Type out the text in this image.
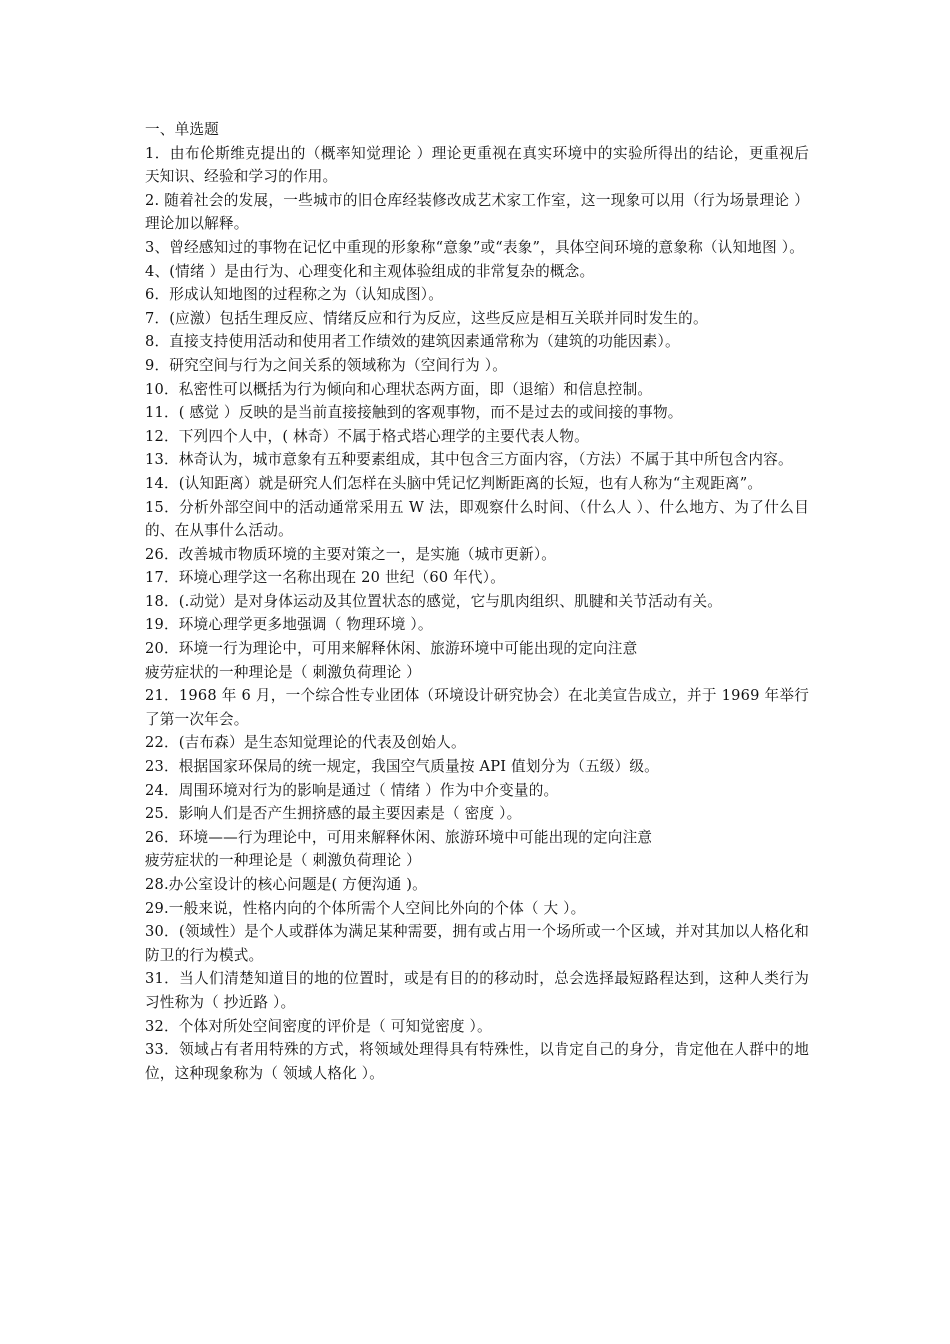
一、单选题
1．由布伦斯维克提出的（概率知觉理论 ）理论更重视在真实环境中的实验所得出的结论，更重视后天知识、经验和学习的作用。
2. 随着社会的发展，一些城市的旧仓库经装修改成艺术家工作室，这一现象可以用（行为场景理论 ）理论加以解释。
3、曾经感知过的事物在记忆中重现的形象称“意象”或“表象”，具体空间环境的意象称（认知地图 ）。
4、(情绪 ）是由行为、心理变化和主观体验组成的非常复杂的概念。
6．形成认知地图的过程称之为（认知成图）。
7．(应激）包括生理反应、情绪反应和行为反应，这些反应是相互关联并同时发生的。
8．直接支持使用活动和使用者工作绩效的建筑因素通常称为（建筑的功能因素）。
9．研究空间与行为之间关系的领域称为（空间行为 ）。
10．私密性可以概括为行为倾向和心理状态两方面，即（退缩）和信息控制。
11．( 感觉 ）反映的是当前直接接触到的客观事物，而不是过去的或间接的事物。
12．下列四个人中，( 林奇）不属于格式塔心理学的主要代表人物。
13．林奇认为，城市意象有五种要素组成，其中包含三方面内容，（方法）不属于其中所包含内容。
14．(认知距离）就是研究人们怎样在头脑中凭记忆判断距离的长短，也有人称为“主观距离”。
15．分析外部空间中的活动通常采用五 W 法，即观察什么时间、（什么人 ）、什么地方、为了什么目的、在从事什么活动。
26．改善城市物质环境的主要对策之一，是实施（城市更新）。
17．环境心理学这一名称出现在 20 世纪（60 年代）。
18．(.动觉）是对身体运动及其位置状态的感觉，它与肌肉组织、肌腱和关节活动有关。
19．环境心理学更多地强调（ 物理环境 ）。
20．环境一行为理论中，可用来解释休闲、旅游环境中可能出现的定向注意
疲劳症状的一种理论是（ 刺激负荷理论 ）
21．1968 年 6 月，一个综合性专业团体（环境设计研究协会）在北美宣告成立，并于 1969 年举行了第一次年会。
22．(吉布森）是生态知觉理论的代表及创始人。
23．根据国家环保局的统一规定，我国空气质量按 API 值划分为（五级）级。
24．周围环境对行为的影响是通过（ 情绪 ）作为中介变量的。
25．影响人们是否产生拥挤感的最主要因素是（ 密度 ）。
26．环境——行为理论中，可用来解释休闲、旅游环境中可能出现的定向注意
疲劳症状的一种理论是（ 刺激负荷理论 ）
28.办公室设计的核心问题是( 方便沟通 )。
29.一般来说，性格内向的个体所需个人空间比外向的个体（ 大 ）。
30．(领域性）是个人或群体为满足某种需要，拥有或占用一个场所或一个区域，并对其加以人格化和防卫的行为模式。
31．当人们清楚知道目的地的位置时，或是有目的的移动时，总会选择最短路程达到，这种人类行为习性称为（ 抄近路 ）。
32．个体对所处空间密度的评价是（ 可知觉密度 ）。
33．领域占有者用特殊的方式，将领域处理得具有特殊性，以肯定自己的身分，肯定他在人群中的地位，这种现象称为（ 领域人格化 ）。
